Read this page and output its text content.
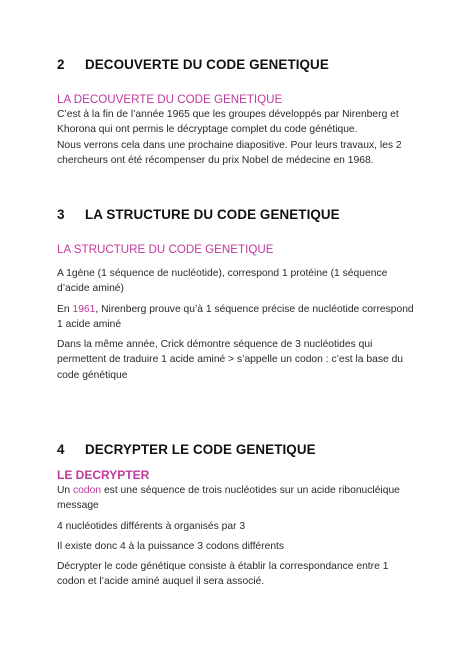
2	DECOUVERTE DU CODE GENETIQUE
LA DECOUVERTE DU CODE GENETIQUE
C’est à la fin de l’année 1965 que les groupes développés par Nirenberg et Khorona qui ont permis le décryptage complet du code génétique.
Nous verrons cela dans une prochaine diapositive. Pour leurs travaux, les 2 chercheurs ont été récompenser du prix Nobel de médecine en 1968.
3	LA STRUCTURE DU CODE GENETIQUE
LA STRUCTURE DU CODE GENETIQUE
A 1gène (1 séquence de nucléotide), correspond 1 protéine (1 séquence d’acide aminé)
En 1961, Nirenberg prouve qu’à 1 séquence précise de nucléotide correspond 1 acide aminé
Dans la même année, Crick démontre séquence de 3 nucléotides qui permettent de traduire 1 acide aminé > s’appelle un codon : c’est la base du code génétique
4	DECRYPTER LE CODE GENETIQUE
LE DECRYPTER
Un codon est une séquence de trois nucléotides sur un acide ribonucléique message
4 nucléotides différents à organisés par 3
Il existe donc 4 à la puissance 3 codons différents
Décrypter le code génétique consiste à établir la correspondance entre 1 codon et l’acide aminé auquel il sera associé.
